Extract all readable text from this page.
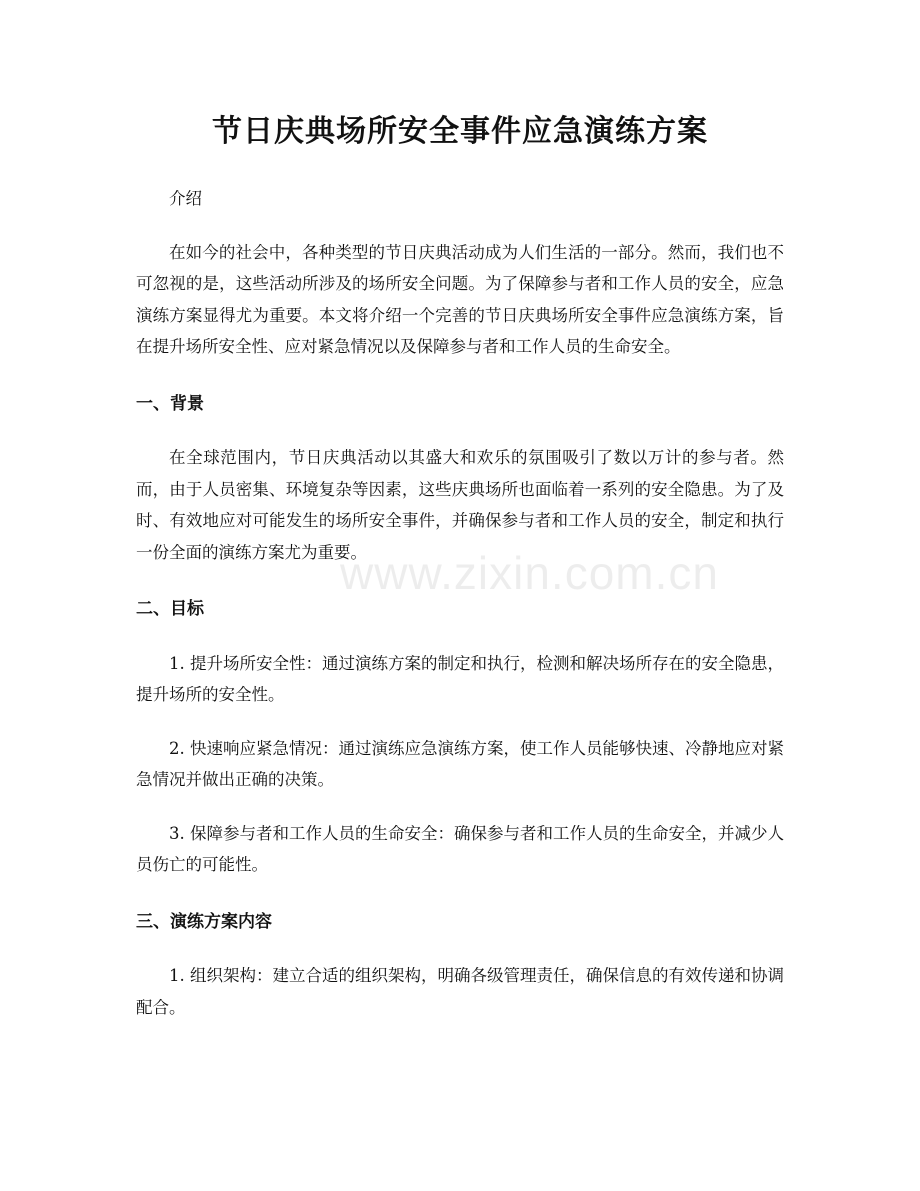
www.zixin.com.cn
节日庆典场所安全事件应急演练方案

介绍

在如今的社会中，各种类型的节日庆典活动成为人们生活的一部分。然而，我们也不可忽视的是，这些活动所涉及的场所安全问题。为了保障参与者和工作人员的安全，应急演练方案显得尤为重要。本文将介绍一个完善的节日庆典场所安全事件应急演练方案，旨在提升场所安全性、应对紧急情况以及保障参与者和工作人员的生命安全。

一、背景

在全球范围内，节日庆典活动以其盛大和欢乐的氛围吸引了数以万计的参与者。然而，由于人员密集、环境复杂等因素，这些庆典场所也面临着一系列的安全隐患。为了及时、有效地应对可能发生的场所安全事件，并确保参与者和工作人员的安全，制定和执行一份全面的演练方案尤为重要。

二、目标

1. 提升场所安全性：通过演练方案的制定和执行，检测和解决场所存在的安全隐患，提升场所的安全性。

2. 快速响应紧急情况：通过演练应急演练方案，使工作人员能够快速、冷静地应对紧急情况并做出正确的决策。

3. 保障参与者和工作人员的生命安全：确保参与者和工作人员的生命安全，并减少人员伤亡的可能性。

三、演练方案内容

1. 组织架构：建立合适的组织架构，明确各级管理责任，确保信息的有效传递和协调配合。
